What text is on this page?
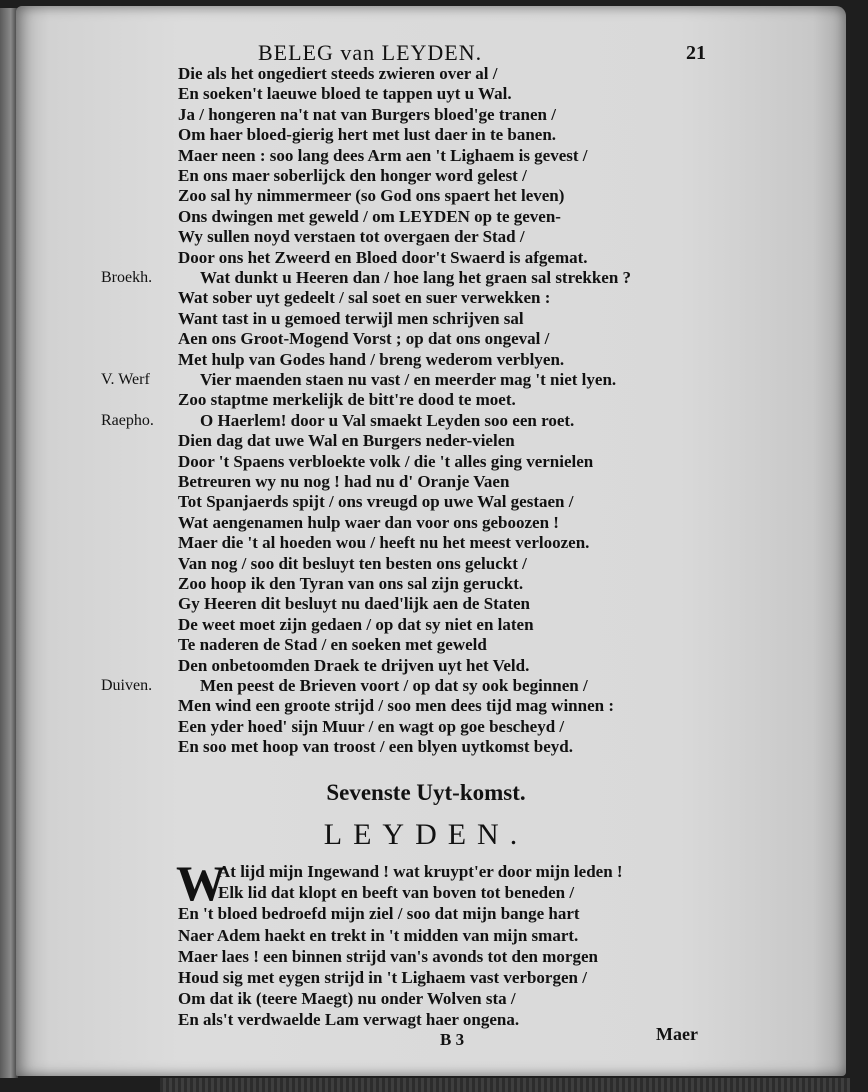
BELEG van LEYDEN.	21
Die als het ongediert steeds zwieren over al /
En soeken't laeuwe bloed te tappen uyt u Wal.
Ja / hongeren na't nat van Burgers bloed'ge tranen /
Om haer bloed-gierig hert met lust daer in te banen.
Maer neen : soo lang dees Arm aen 't Lighaem is gevest /
En ons maer soberlijck den honger word gelest /
Zoo sal hy nimmermeer (so God ons spaert het leven)
Ons dwingen met geweld / om LEYDEN op te geven-
Wy sullen noyd verstaen tot overgaen der Stad /
Door ons het Zweerd en Bloed door't Swaerd is afgemat.
Broekh.	Wat dunkt u Heeren dan / hoe lang het graen sal strekken ?
Wat sober uyt gedeelt / sal soet en suer verwekken :
Want tast in u gemoed terwijl men schrijven sal
Aen ons Groot-Mogend Vorst ; op dat ons ongeval /
Met hulp van Godes hand / breng wederom verblyen.
V. Werf	Vier maenden staen nu vast / en meerder mag 't niet lyen.
Zoo staptme merkelijk de bitt're dood te moet.
Raepho.	O Haerlem! door u Val smaekt Leyden soo een roet.
Dien dag dat uwe Wal en Burgers neder-vielen
Door 't Spaens verbloekte volk / die 't alles ging vernielen
Betreuren wy nu nog ! had nu d' Oranje Vaen
Tot Spanjaerds spijt / ons vreugd op uwe Wal gestaen /
Wat aengenamen hulp waer dan voor ons geboozen !
Maer die 't al hoeden wou / heeft nu het meest verloozen.
Van nog / soo dit besluyt ten besten ons geluckt /
Zoo hoop ik den Tyran van ons sal zijn geruckt.
Gy Heeren dit besluyt nu daed'lijk aen de Staten
De weet moet zijn gedaen / op dat sy niet en laten
Te naderen de Stad / en soeken met geweld
Den onbetoomden Draek te drijven uyt het Veld.
Duiven.	Men peest de Brieven voort / op dat sy ook beginnen /
Men wind een groote strijd / soo men dees tijd mag winnen :
Een yder hoed' sijn Muur / en wagt op goe bescheyd /
En soo met hoop van troost / een blyen uytkomst beyd.
Sevenste Uyt-komst.
LEYDEN.
W
At lijd mijn Ingewand ! wat kruypt'er door mijn leden !
Elk lid dat klopt en beeft van boven tot beneden /
En 't bloed bedroefd mijn ziel / soo dat mijn bange hart
Naer Adem haekt en trekt in 't midden van mijn smart.
Maer laes ! een binnen strijd van's avonds tot den morgen
Houd sig met eygen strijd in 't Lighaem vast verborgen /
Om dat ik (teere Maegt) nu onder Wolven sta /
En als't verdwaelde Lam verwagt haer ongena.
B 3	Maer
